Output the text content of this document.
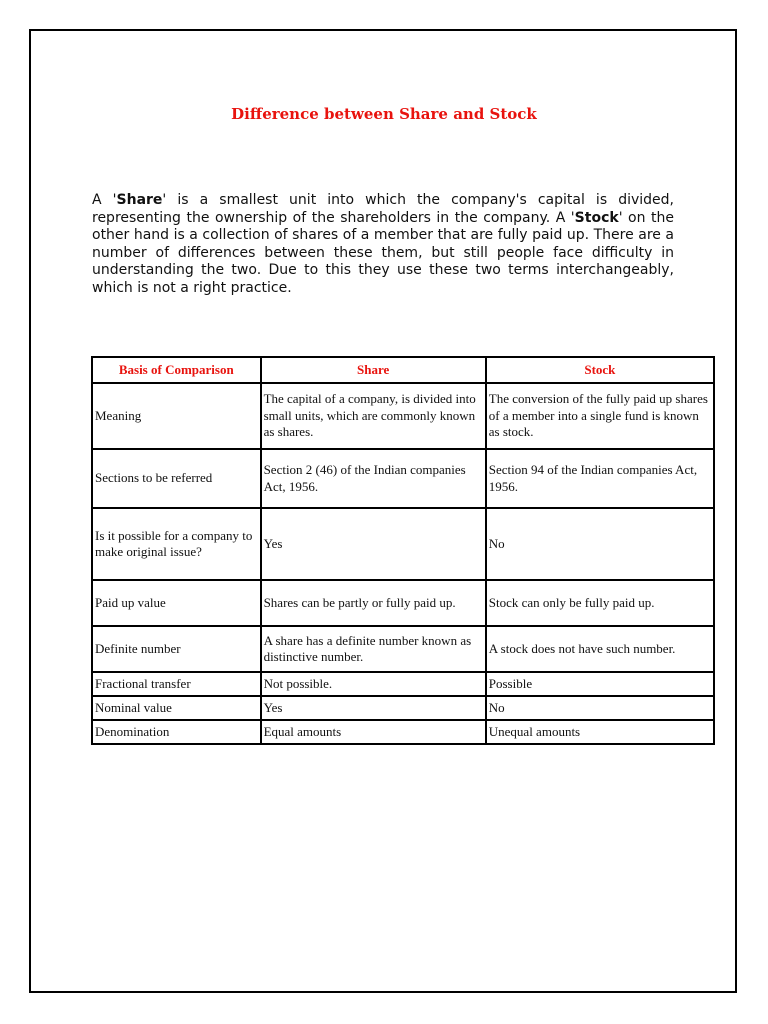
Difference between Share and Stock

A 'Share' is a smallest unit into which the company's capital is divided, representing the ownership of the shareholders in the company. A 'Stock' on the other hand is a collection of shares of a member that are fully paid up. There are a number of differences between these them, but still people face difficulty in understanding the two. Due to this they use these two terms interchangeably, which is not a right practice.

Basis of Comparison	Share	Stock
Meaning	The capital of a company, is divided into small units, which are commonly known as shares.	The conversion of the fully paid up shares of a member into a single fund is known as stock.
Sections to be referred	Section 2 (46) of the Indian companies Act, 1956.	Section 94 of the Indian companies Act, 1956.
Is it possible for a company to make original issue?	Yes	No
Paid up value	Shares can be partly or fully paid up.	Stock can only be fully paid up.
Definite number	A share has a definite number known as distinctive number.	A stock does not have such number.
Fractional transfer	Not possible.	Possible
Nominal value	Yes	No
Denomination	Equal amounts	Unequal amounts
